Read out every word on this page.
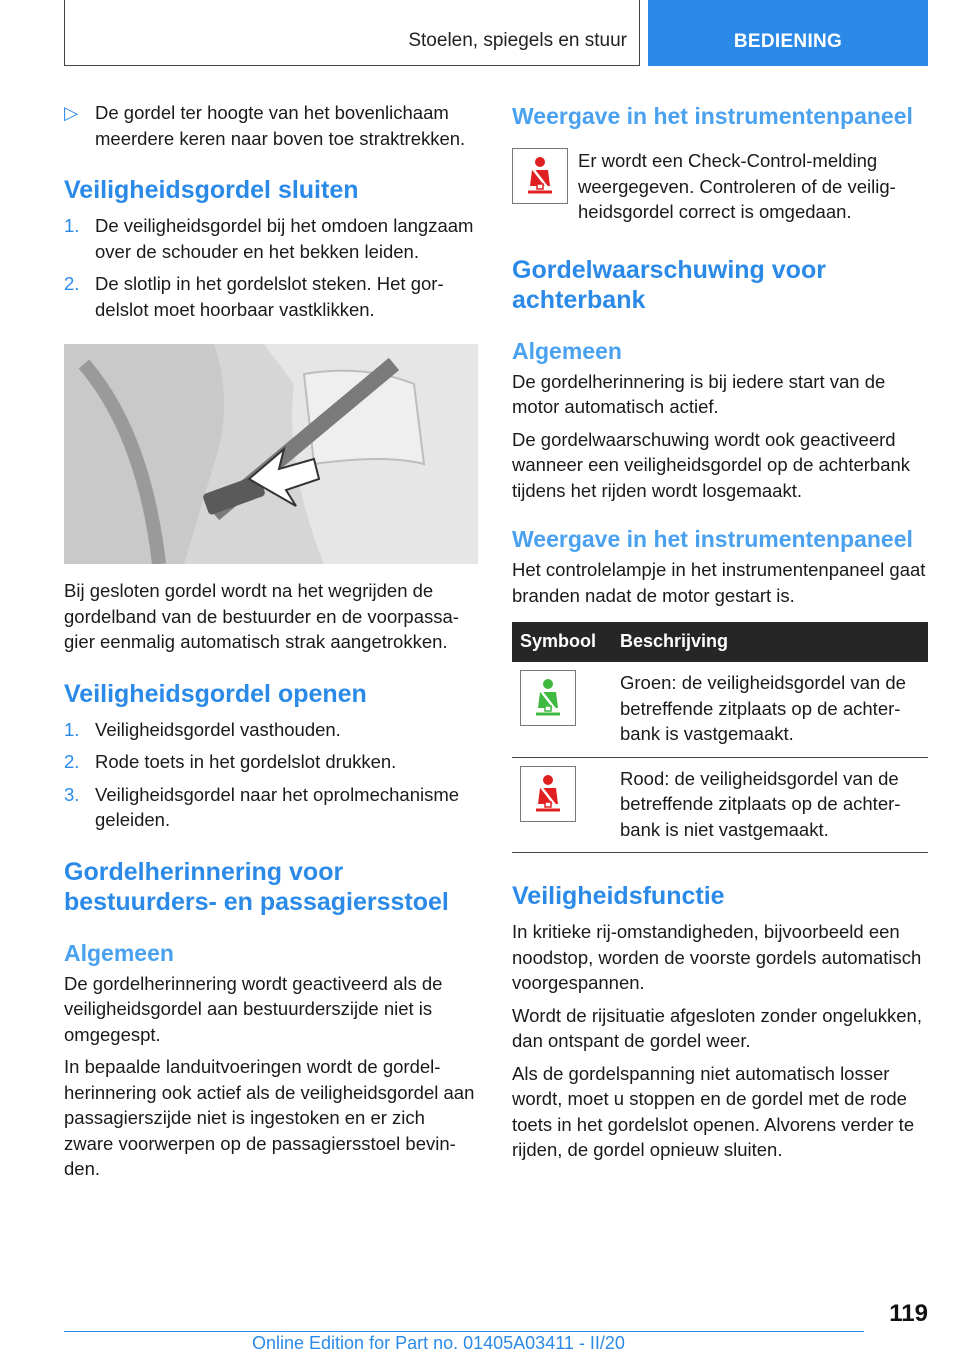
Stoelen, spiegels en stuur	BEDIENING
▷ De gordel ter hoogte van het bovenlichaam meerdere keren naar boven toe straktrekken.
Veiligheidsgordel sluiten
1. De veiligheidsgordel bij het omdoen langzaam over de schouder en het bekken leiden.
2. De slotlip in het gordelslot steken. Het gordelslot moet hoorbaar vastklikken.

Bij gesloten gordel wordt na het wegrijden de gordelband van de bestuurder en de voorpassagier eenmalig automatisch strak aangetrokken.

Veiligheidsgordel openen
1. Veiligheidsgordel vasthouden.
2. Rode toets in het gordelslot drukken.
3. Veiligheidsgordel naar het oprolmechanisme geleiden.
Gordelherinnering voor bestuurders- en passagiersstoel
Algemeen

De gordelherinnering wordt geactiveerd als de veiligheidsgordel aan bestuurderszijde niet is omgegespt.

In bepaalde landuitvoeringen wordt de gordelherinnering ook actief als de veiligheidsgordel aan passagierszijde niet is ingestoken en er zich zware voorwerpen op de passagiersstoel bevinden.

Weergave in het instrumentenpaneel
Er wordt een Check-Control-melding weergegeven. Controleren of de veiligheidsgordel correct is omgedaan.
Gordelwaarschuwing voor achterbank
Algemeen

De gordelherinnering is bij iedere start van de motor automatisch actief.

De gordelwaarschuwing wordt ook geactiveerd wanneer een veiligheidsgordel op de achterbank tijdens het rijden wordt losgemaakt.

Weergave in het instrumentenpaneel

Het controlelampje in het instrumentenpaneel gaat branden nadat de motor gestart is.

Symbool	Beschrijving

	Groen: de veiligheidsgordel van de betreffende zitplaats op de achterbank is vastgemaakt.

	Rood: de veiligheidsgordel van de betreffende zitplaats op de achterbank is niet vastgemaakt.
Veiligheidsfunctie

In kritieke rij-omstandigheden, bijvoorbeeld een noodstop, worden de voorste gordels automatisch voorgespannen.

Wordt de rijsituatie afgesloten zonder ongelukken, dan ontspant de gordel weer.

Als de gordelspanning niet automatisch losser wordt, moet u stoppen en de gordel met de rode toets in het gordelslot openen. Alvorens verder te rijden, de gordel opnieuw sluiten.

119
Online Edition for Part no. 01405A03411 - II/20
